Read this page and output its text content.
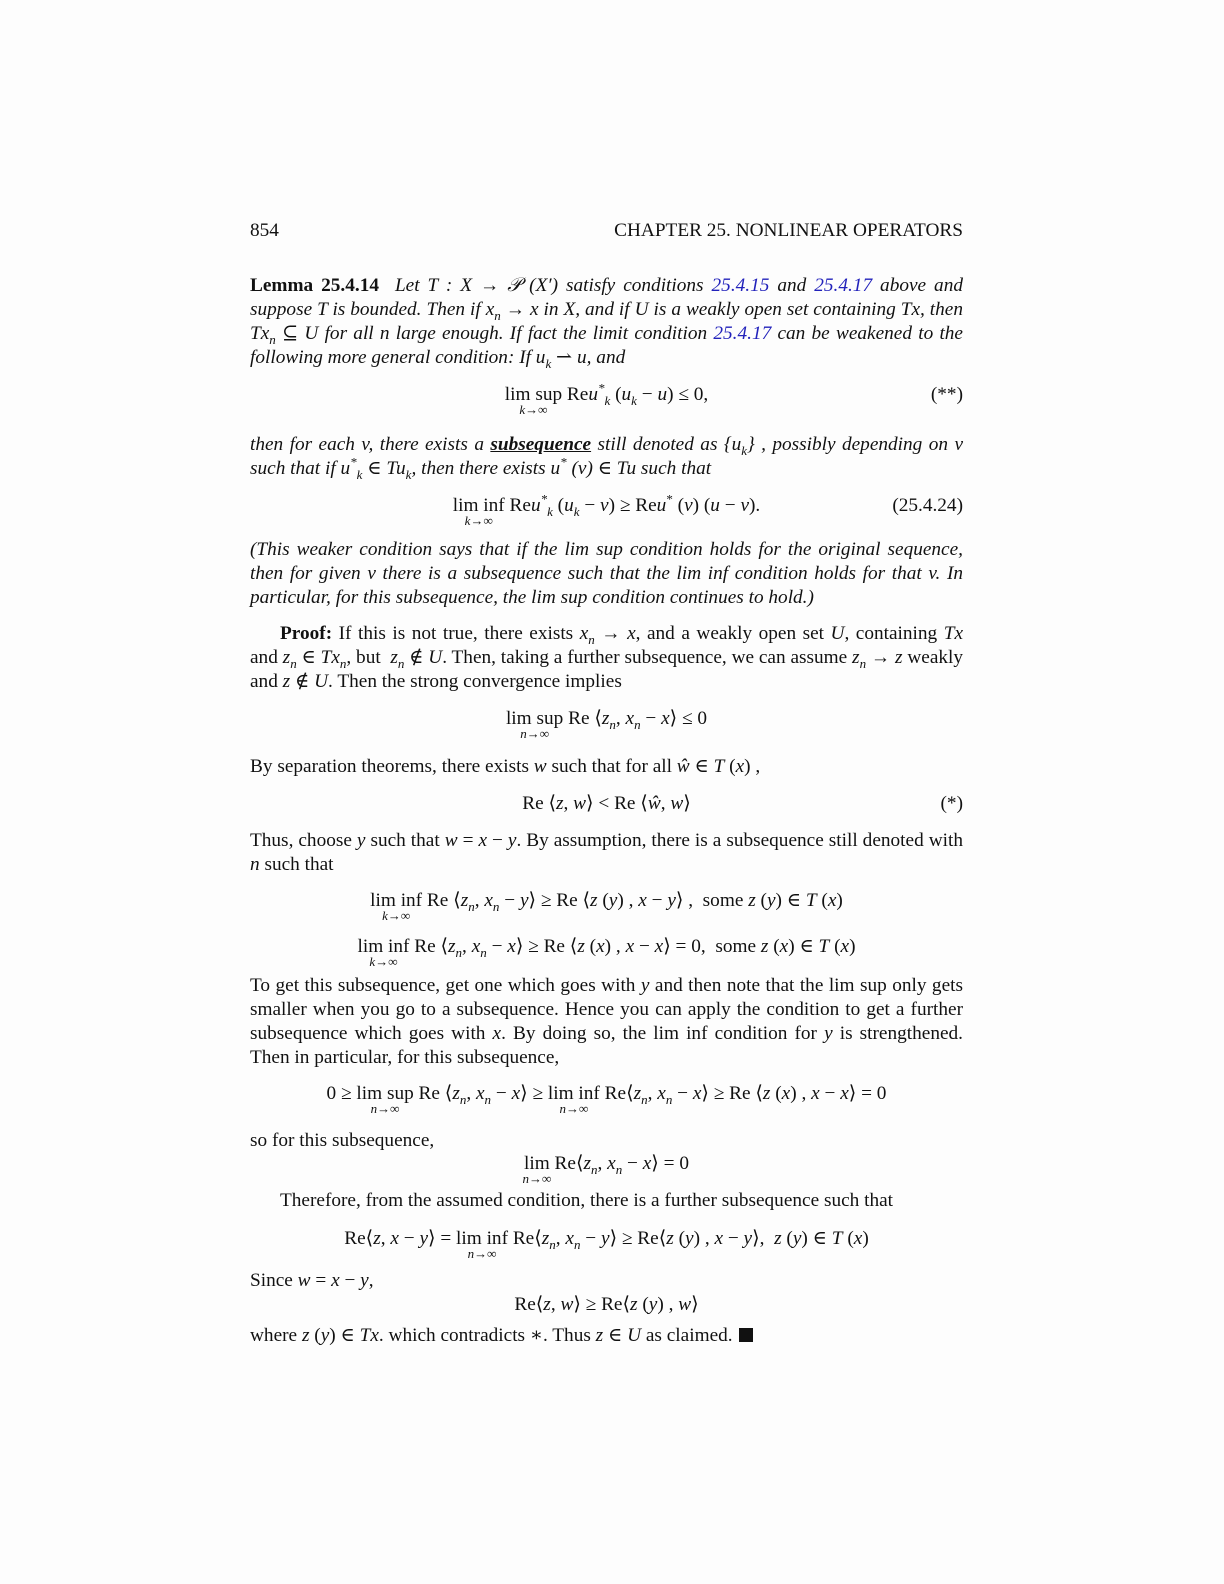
854	CHAPTER 25. NONLINEAR OPERATORS
Lemma 25.4.14 Let T : X → 𝒫 (X′) satisfy conditions 25.4.15 and 25.4.17 above and suppose T is bounded. Then if $x_n \to x$ in X, and if U is a weakly open set containing Tx, then $Tx_n$ ⊆ U for all n large enough. If fact the limit condition 25.4.17 can be weakened to the following more general condition: If $u_k$ ⇀ u, and
lim sup
k→∞
Reu*$_k$ $(u_k - u) \le 0$,	(**)
then for each v, there exists a subsequence still denoted as $\{u_k\}$ , possibly depending on v such that if $u^*_k$ ∈ $Tu_k$, then there exists u* (v) ∈ Tu such that
lim inf
k→∞
Reu*$_k$ $(u_k - v) \ge Reu^*$ (v) (u − v).	(25.4.24)
(This weaker condition says that if the lim sup condition holds for the original sequence, then for given v there is a subsequence such that the lim inf condition holds for that v. In particular, for this subsequence, the lim sup condition continues to hold.)
Proof: If this is not true, there exists $x_n \to x$, and a weakly open set U, containing Tx and $z_n$ ∈ $Tx_n$, but  $z_n$ ∉ U. Then, taking a further subsequence, we can assume $z_n \to z$ weakly and z ∉ U. Then the strong convergence implies
lim sup
n→∞
Re $⟨z_n$, $x_n$ − x⟩ ≤ 0
By separation theorems, there exists w such that for all ŵ ∈ T (x) ,
Re ⟨z, w⟩ < Re ⟨ŵ, w⟩	(*)
Thus, choose y such that w = x − y. By assumption, there is a subsequence still denoted with n such that
lim inf
k→∞
Re $⟨z_n$, $x_n$ − y⟩ ≥ Re ⟨z (y) , x − y⟩ ,  some z (y) ∈ T (x)
lim inf
k→∞
Re $⟨z_n$, $x_n$ − x⟩ ≥ Re ⟨z (x) , x − x⟩ = 0,  some z (x) ∈ T (x)
To get this subsequence, get one which goes with y and then note that the lim sup only gets smaller when you go to a subsequence. Hence you can apply the condition to get a further subsequence which goes with x. By doing so, the lim inf condition for y is strengthened. Then in particular, for this subsequence,
0 ≥ lim sup
n→∞
Re $⟨z_n$, $x_n$ − x⟩ ≥ lim inf
n→∞
$Re⟨z_n$, $x_n$ − x⟩ ≥ Re ⟨z (x) , x − x⟩ = 0
so for this subsequence,
lim
n→∞
$Re⟨z_n$, $x_n$ − x⟩ = 0
Therefore, from the assumed condition, there is a further subsequence such that
Re⟨z, x − y⟩ = lim inf
n→∞
$Re⟨z_n$, $x_n$ − y⟩ ≥ Re⟨z (y) , x − y⟩,  z (y) ∈ T (x)
Since w = x − y,
Re⟨z, w⟩ ≥ Re⟨z (y) , w⟩
where z (y) ∈ Tx. which contradicts ∗. Thus z ∈ U as claimed.
